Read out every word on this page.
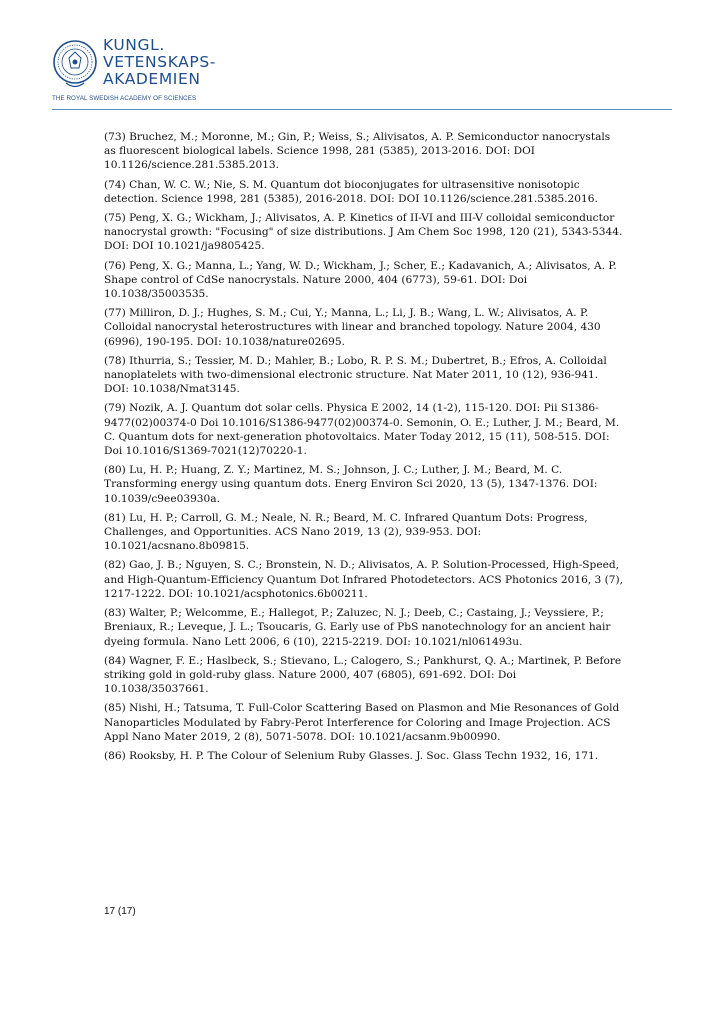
KUNGL.
VETENSKAPS-
AKADEMIEN
THE ROYAL SWEDISH ACADEMY OF SCIENCES
(73) Bruchez, M.; Moronne, M.; Gin, P.; Weiss, S.; Alivisatos, A. P. Semiconductor nanocrystals as fluorescent biological labels. Science 1998, 281 (5385), 2013-2016. DOI: DOI 10.1126/science.281.5385.2013.
(74) Chan, W. C. W.; Nie, S. M. Quantum dot bioconjugates for ultrasensitive nonisotopic detection. Science 1998, 281 (5385), 2016-2018. DOI: DOI 10.1126/science.281.5385.2016.
(75) Peng, X. G.; Wickham, J.; Alivisatos, A. P. Kinetics of II-VI and III-V colloidal semiconductor nanocrystal growth: "Focusing" of size distributions. J Am Chem Soc 1998, 120 (21), 5343-5344. DOI: DOI 10.1021/ja9805425.
(76) Peng, X. G.; Manna, L.; Yang, W. D.; Wickham, J.; Scher, E.; Kadavanich, A.; Alivisatos, A. P. Shape control of CdSe nanocrystals. Nature 2000, 404 (6773), 59-61. DOI: Doi 10.1038/35003535.
(77) Milliron, D. J.; Hughes, S. M.; Cui, Y.; Manna, L.; Li, J. B.; Wang, L. W.; Alivisatos, A. P. Colloidal nanocrystal heterostructures with linear and branched topology. Nature 2004, 430 (6996), 190-195. DOI: 10.1038/nature02695.
(78) Ithurria, S.; Tessier, M. D.; Mahler, B.; Lobo, R. P. S. M.; Dubertret, B.; Efros, A. Colloidal nanoplatelets with two-dimensional electronic structure. Nat Mater 2011, 10 (12), 936-941. DOI: 10.1038/Nmat3145.
(79) Nozik, A. J. Quantum dot solar cells. Physica E 2002, 14 (1-2), 115-120. DOI: Pii S1386-9477(02)00374-0 Doi 10.1016/S1386-9477(02)00374-0. Semonin, O. E.; Luther, J. M.; Beard, M. C. Quantum dots for next-generation photovoltaics. Mater Today 2012, 15 (11), 508-515. DOI: Doi 10.1016/S1369-7021(12)70220-1.
(80) Lu, H. P.; Huang, Z. Y.; Martinez, M. S.; Johnson, J. C.; Luther, J. M.; Beard, M. C. Transforming energy using quantum dots. Energ Environ Sci 2020, 13 (5), 1347-1376. DOI: 10.1039/c9ee03930a.
(81) Lu, H. P.; Carroll, G. M.; Neale, N. R.; Beard, M. C. Infrared Quantum Dots: Progress, Challenges, and Opportunities. ACS Nano 2019, 13 (2), 939-953. DOI: 10.1021/acsnano.8b09815.
(82) Gao, J. B.; Nguyen, S. C.; Bronstein, N. D.; Alivisatos, A. P. Solution-Processed, High-Speed, and High-Quantum-Efficiency Quantum Dot Infrared Photodetectors. ACS Photonics 2016, 3 (7), 1217-1222. DOI: 10.1021/acsphotonics.6b00211.
(83) Walter, P.; Welcomme, E.; Hallegot, P.; Zaluzec, N. J.; Deeb, C.; Castaing, J.; Veyssiere, P.; Breniaux, R.; Leveque, J. L.; Tsoucaris, G. Early use of PbS nanotechnology for an ancient hair dyeing formula. Nano Lett 2006, 6 (10), 2215-2219. DOI: 10.1021/nl061493u.
(84) Wagner, F. E.; Haslbeck, S.; Stievano, L.; Calogero, S.; Pankhurst, Q. A.; Martinek, P. Before striking gold in gold-ruby glass. Nature 2000, 407 (6805), 691-692. DOI: Doi 10.1038/35037661.
(85) Nishi, H.; Tatsuma, T. Full-Color Scattering Based on Plasmon and Mie Resonances of Gold Nanoparticles Modulated by Fabry-Perot Interference for Coloring and Image Projection. ACS Appl Nano Mater 2019, 2 (8), 5071-5078. DOI: 10.1021/acsanm.9b00990.
(86) Rooksby, H. P. The Colour of Selenium Ruby Glasses. J. Soc. Glass Techn 1932, 16, 171.
17 (17)
